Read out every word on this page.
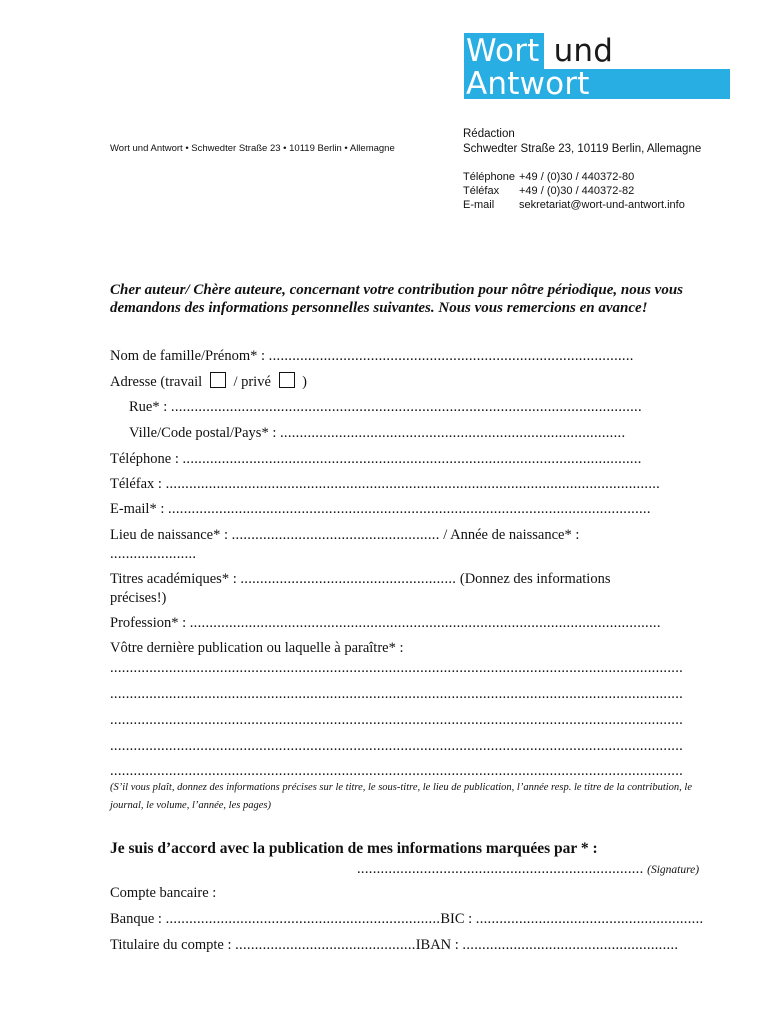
Wort und
Antwort
Wort und Antwort • Schwedter Straße 23 • 10119 Berlin • Allemagne
Rédaction
Schwedter Straße 23, 10119 Berlin, Allemagne
Téléphone +49 / (0)30 / 440372-80
Téléfax	+49 / (0)30 / 440372-82
E-mail	sekretariat@wort-und-antwort.info
Cher auteur/ Chère auteure, concernant votre contribution pour nôtre périodique, nous vous demandons des informations personnelles suivantes. Nous vous remercions en avance!
Nom de famille/Prénom* : .............................................................................................
Adresse (travail / privé )
Rue* : ........................................................................................................................
Ville/Code postal/Pays* : ........................................................................................
Téléphone : .....................................................................................................................
Téléfax : ..............................................................................................................................
E-mail* : ...........................................................................................................................
Lieu de naissance* : ..................................................... / Année de naissance* :
......................
Titres académiques* : ....................................................... (Donnez des informations
précises!)
Profession* : ........................................................................................................................
Vôtre dernière publication ou laquelle à paraître* :
..................................................................................................................................................
..................................................................................................................................................
..................................................................................................................................................
..................................................................................................................................................
..................................................................................................................................................
(S’il vous plaît, donnez des informations précises sur le titre, le sous-titre, le lieu de publication, l’année resp. le titre de la contribution, le journal, le volume, l’année, les pages)
Je suis d’accord avec la publication de mes informations marquées par * :
......................................................................... (Signature)
Compte bancaire :
Banque : ......................................................................BIC : ..........................................................
Titulaire du compte : ..............................................IBAN : .......................................................
